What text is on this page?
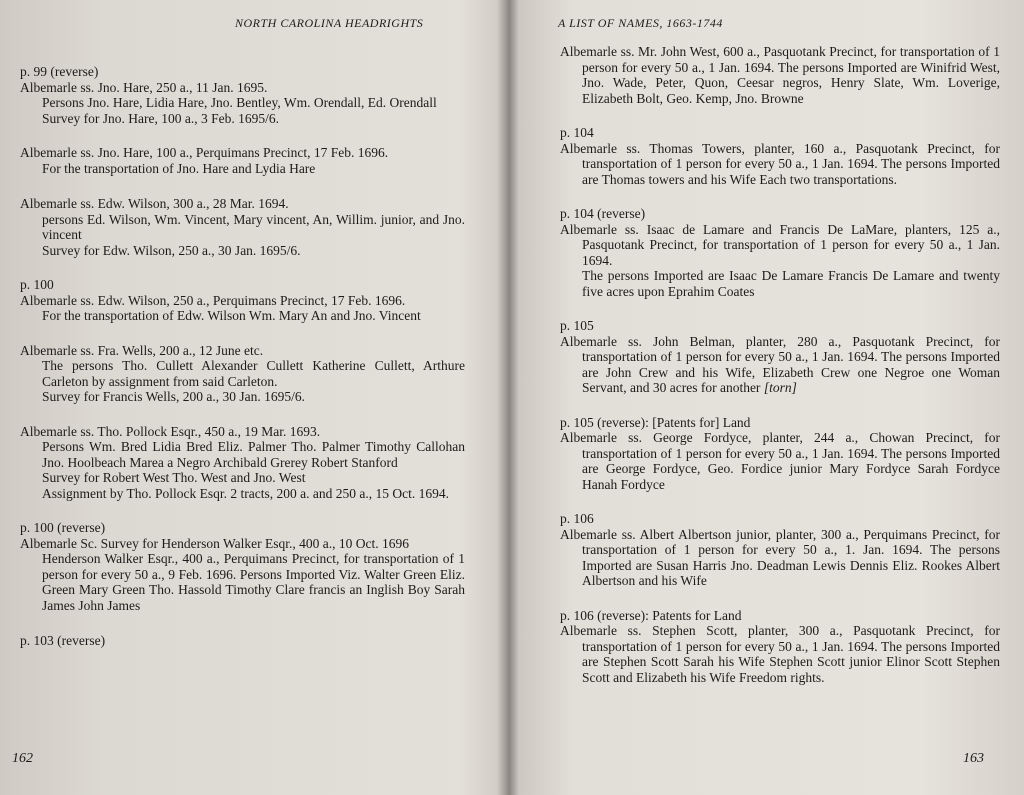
NORTH CAROLINA HEADRIGHTS

p. 99 (reverse)

Albemarle ss. Jno. Hare, 250 a., 11 Jan. 1695.

Persons Jno. Hare, Lidia Hare, Jno. Bentley, Wm. Orendall, Ed. Orendall

Survey for Jno. Hare, 100 a., 3 Feb. 1695/6.

Albemarle ss. Jno. Hare, 100 a., Perquimans Precinct, 17 Feb. 1696.

For the transportation of Jno. Hare and Lydia Hare

Albemarle ss. Edw. Wilson, 300 a., 28 Mar. 1694.

persons Ed. Wilson, Wm. Vincent, Mary vincent, An, Willim. junior, and Jno. vincent

Survey for Edw. Wilson, 250 a., 30 Jan. 1695/6.

p. 100

Albemarle ss. Edw. Wilson, 250 a., Perquimans Precinct, 17 Feb. 1696.

For the transportation of Edw. Wilson Wm. Mary An and Jno. Vincent

Albemarle ss. Fra. Wells, 200 a., 12 June etc.

The persons Tho. Cullett Alexander Cullett Katherine Cullett, Arthure Carleton by assignment from said Carleton.

Survey for Francis Wells, 200 a., 30 Jan. 1695/6.

Albemarle ss. Tho. Pollock Esqr., 450 a., 19 Mar. 1693.

Persons Wm. Bred Lidia Bred Eliz. Palmer Tho. Palmer Timothy Callohan Jno. Hoolbeach Marea a Negro Archibald Grerey Robert Stanford

Survey for Robert West Tho. West and Jno. West

Assignment by Tho. Pollock Esqr. 2 tracts, 200 a. and 250 a., 15 Oct. 1694.

p. 100 (reverse)

Albemarle Sc. Survey for Henderson Walker Esqr., 400 a., 10 Oct. 1696

Henderson Walker Esqr., 400 a., Perquimans Precinct, for transportation of 1 person for every 50 a., 9 Feb. 1696. Persons Imported Viz. Walter Green Eliz. Green Mary Green Tho. Hassold Timothy Clare francis an Inglish Boy Sarah James John James

p. 103 (reverse)

162
A LIST OF NAMES, 1663-1744

Albemarle ss. Mr. John West, 600 a., Pasquotank Precinct, for transportation of 1 person for every 50 a., 1 Jan. 1694. The persons Imported are Winifrid West, Jno. Wade, Peter, Quon, Ceesar negros, Henry Slate, Wm. Loverige, Elizabeth Bolt, Geo. Kemp, Jno. Browne

p. 104

Albemarle ss. Thomas Towers, planter, 160 a., Pasquotank Precinct, for transportation of 1 person for every 50 a., 1 Jan. 1694. The persons Imported are Thomas towers and his Wife Each two transportations.

p. 104 (reverse)

Albemarle ss. Isaac de Lamare and Francis De LaMare, planters, 125 a., Pasquotank Precinct, for transportation of 1 person for every 50 a., 1 Jan. 1694.

The persons Imported are Isaac De Lamare Francis De Lamare and twenty five acres upon Eprahim Coates

p. 105

Albemarle ss. John Belman, planter, 280 a., Pasquotank Precinct, for transportation of 1 person for every 50 a., 1 Jan. 1694. The persons Imported are John Crew and his Wife, Elizabeth Crew one Negroe one Woman Servant, and 30 acres for another [torn]

p. 105 (reverse): [Patents for] Land

Albemarle ss. George Fordyce, planter, 244 a., Chowan Precinct, for transportation of 1 person for every 50 a., 1 Jan. 1694. The persons Imported are George Fordyce, Geo. Fordice junior Mary Fordyce Sarah Fordyce Hanah Fordyce

p. 106

Albemarle ss. Albert Albertson junior, planter, 300 a., Perquimans Precinct, for transportation of 1 person for every 50 a., 1. Jan. 1694. The persons Imported are Susan Harris Jno. Deadman Lewis Dennis Eliz. Rookes Albert Albertson and his Wife

p. 106 (reverse): Patents for Land

Albemarle ss. Stephen Scott, planter, 300 a., Pasquotank Precinct, for transportation of 1 person for every 50 a., 1 Jan. 1694. The persons Imported are Stephen Scott Sarah his Wife Stephen Scott junior Elinor Scott Stephen Scott and Elizabeth his Wife Freedom rights.

163
